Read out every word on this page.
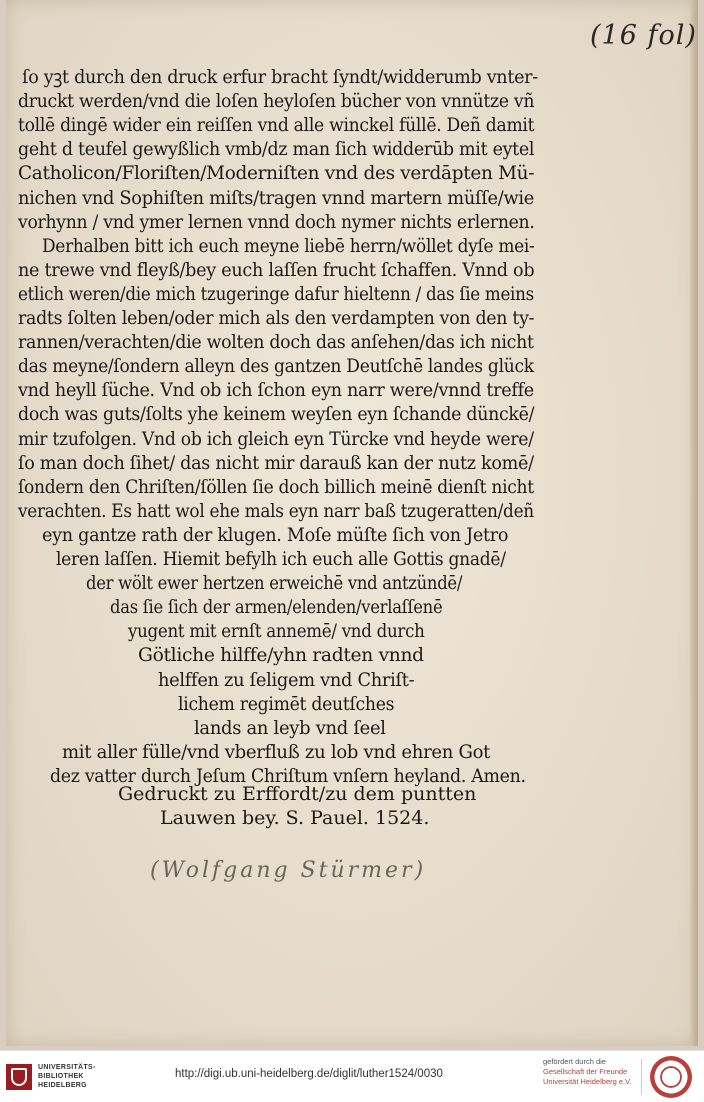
(16 fol)
ſo yꝫt durch den druck erfur bracht ſyndt/widderumb vnter-
druckt werden/vnd die loſen heyloſen bücher von vnnütze vñ
tollē dingē wider ein reiſſen vnd alle winckel füllē. Deñ damit
geht d teufel gewyßlich vmb/dz man ſich widderūb mit eytel
Catholicon/Floriſten/Moderniſten vnd des verdāpten Mü-
nichen vnd Sophiſten miſts/tragen vnnd martern müſſe/wie
vorhynn / vnd ymer lernen vnnd doch nymer nichts erlernen.
Derhalben bitt ich euch meyne liebē herrn/wöllet dyſe mei-
ne trewe vnd fleyß/bey euch laſſen frucht ſchaffen. Vnnd ob
etlich weren/die mich tzugeringe dafur hieltenn / das ſie meins
radts ſolten leben/oder mich als den verdampten von den ty-
rannen/verachten/die wolten doch das anſehen/das ich nicht
das meyne/ſondern alleyn des gantzen Deutſchē landes glück
vnd heyll ſüche. Vnd ob ich ſchon eyn narr were/vnnd treffe
doch was guts/ſolts yhe keinem weyſen eyn ſchande dünckē/
mir tzufolgen. Vnd ob ich gleich eyn Türcke vnd heyde were/
ſo man doch ſihet/ das nicht mir darauß kan der nutz komē/
ſondern den Chriſten/ſöllen ſie doch billich meinē dienſt nicht
verachten. Es hatt wol ehe mals eyn narr baß tzugeratten/deñ
eyn gantze rath der klugen. Moſe müſte ſich von Jetro
leren laſſen. Hiemit befylh ich euch alle Gottis gnadē/
der wölt ewer hertzen erweichē vnd antzündē/
das ſie ſich der armen/elenden/verlaſſenē
yugent mit ernſt annemē/ vnd durch
Götliche hilffe/yhn radten vnnd
helffen zu ſeligem vnd Chriſt-
lichem regimēt deutſches
lands an leyb vnd ſeel
mit aller fülle/vnd vberfluß zu lob vnd ehren Got
dez vatter durch Jeſum Chriſtum vnſern heyland. Amen.
Gedruckt zu Erffordt/zu dem puntten
Lauwen bey. S. Pauel. 1524.
(Wolfgang Stürmer)
UNIVERSITÄTS-
BIBLIOTHEK
HEIDELBERG
http://digi.ub.uni-heidelberg.de/diglit/luther1524/0030
gefördert durch die
Gesellschaft der Freunde
Universität Heidelberg e.V.
